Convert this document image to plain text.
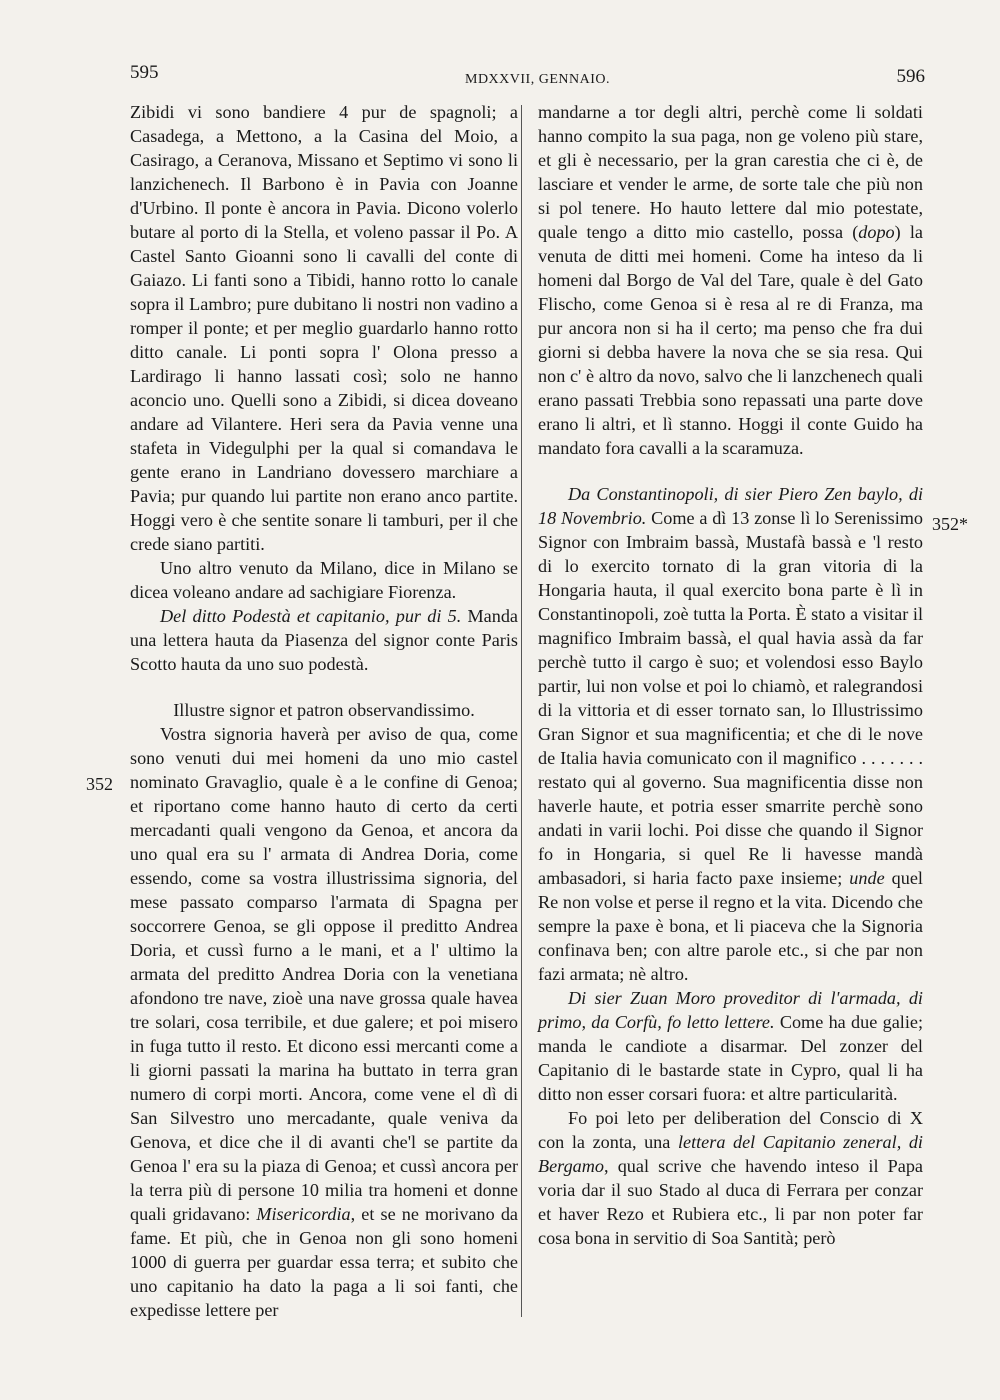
595	MDXXVII, GENNAIO.	596
352
352*

Zibidi vi sono bandiere 4 pur de spagnoli; a Casadega, a Mettono, a la Casina del Moio, a Casirago, a Ceranova, Missano et Septimo vi sono li lanzichenech. Il Barbono è in Pavia con Joanne d'Urbino. Il ponte è ancora in Pavia. Dicono volerlo butare al porto di la Stella, et voleno passar il Po. A Castel Santo Gioanni sono li cavalli del conte di Gaiazo. Li fanti sono a Tibidi, hanno rotto lo canale sopra il Lambro; pure dubitano li nostri non vadino a romper il ponte; et per meglio guardarlo hanno rotto ditto canale. Li ponti sopra l' Olona presso a Lardirago li hanno lassati così; solo ne hanno aconcio uno. Quelli sono a Zibidi, si dicea doveano andare ad Vilantere. Heri sera da Pavia venne una stafeta in Videgulphi per la qual si comandava le gente erano in Landriano dovessero marchiare a Pavia; pur quando lui partite non erano anco partite. Hoggi vero è che sentite sonare li tamburi, per il che crede siano partiti.

Uno altro venuto da Milano, dice in Milano se dicea voleano andare ad sachigiare Fiorenza.

Del ditto Podestà et capitanio, pur di 5. Manda una lettera hauta da Piasenza del signor conte Paris Scotto hauta da uno suo podestà.

Illustre signor et patron observandissimo.

Vostra signoria haverà per aviso de qua, come sono venuti dui mei homeni da uno mio castel nominato Gravaglio, quale è a le confine di Genoa; et riportano come hanno hauto di certo da certi mercadanti quali vengono da Genoa, et ancora da uno qual era su l' armata di Andrea Doria, come essendo, come sa vostra illustrissima signoria, del mese passato comparso l'armata di Spagna per soccorrere Genoa, se gli oppose il preditto Andrea Doria, et cussì furno a le mani, et a l' ultimo la armata del preditto Andrea Doria con la venetiana afondono tre nave, zioè una nave grossa quale havea tre solari, cosa terribile, et due galere; et poi misero in fuga tutto il resto. Et dicono essi mercanti come a li giorni passati la marina ha buttato in terra gran numero di corpi morti. Ancora, come vene el dì di San Silvestro uno mercadante, quale veniva da Genova, et dice che il di avanti che'l se partite da Genoa l' era su la piaza di Genoa; et cussì ancora per la terra più di persone 10 milia tra homeni et donne quali gridavano: Misericordia, et se ne morivano da fame. Et più, che in Genoa non gli sono homeni 1000 di guerra per guardar essa terra; et subito che uno capitanio ha dato la paga a li soi fanti, che expedisse lettere per

mandarne a tor degli altri, perchè come li soldati hanno compito la sua paga, non ge voleno più stare, et gli è necessario, per la gran carestia che ci è, de lasciare et vender le arme, de sorte tale che più non si pol tenere. Ho hauto lettere dal mio potestate, quale tengo a ditto mio castello, possa (dopo) la venuta de ditti mei homeni. Come ha inteso da li homeni dal Borgo de Val del Tare, quale è del Gato Flischo, come Genoa si è resa al re di Franza, ma pur ancora non si ha il certo; ma penso che fra dui giorni si debba havere la nova che se sia resa. Qui non c' è altro da novo, salvo che li lanzchenech quali erano passati Trebbia sono repassati una parte dove erano li altri, et lì stanno. Hoggi il conte Guido ha mandato fora cavalli a la scaramuza.

Da Constantinopoli, di sier Piero Zen baylo, di 18 Novembrio. Come a dì 13 zonse lì lo Serenissimo Signor con Imbraim bassà, Mustafà bassà e 'l resto di lo exercito tornato di la gran vitoria di la Hongaria hauta, il qual exercito bona parte è lì in Constantinopoli, zoè tutta la Porta. È stato a visitar il magnifico Imbraim bassà, el qual havia assà da far perchè tutto il cargo è suo; et volendosi esso Baylo partir, lui non volse et poi lo chiamò, et ralegrandosi di la vittoria et di esser tornato san, lo Illustrissimo Gran Signor et sua magnificentia; et che di le nove de Italia havia comunicato con il magnifico . . . . . . . restato qui al governo. Sua magnificentia disse non haverle haute, et potria esser smarrite perchè sono andati in varii lochi. Poi disse che quando il Signor fo in Hongaria, si quel Re li havesse mandà ambasadori, si haria facto paxe insieme; unde quel Re non volse et perse il regno et la vita. Dicendo che sempre la paxe è bona, et li piaceva che la Signoria confinava ben; con altre parole etc., si che par non fazi armata; nè altro.

Di sier Zuan Moro proveditor di l'armada, di primo, da Corfù, fo letto lettere. Come ha due galie; manda le candiote a disarmar. Del zonzer del Capitanio di le bastarde state in Cypro, qual li ha ditto non esser corsari fuora: et altre particularità.

Fo poi leto per deliberation del Conscio di X con la zonta, una lettera del Capitanio zeneral, di Bergamo, qual scrive che havendo inteso il Papa voria dar il suo Stado al duca di Ferrara per conzar et haver Rezo et Rubiera etc., li par non poter far cosa bona in servitio di Soa Santità; però
